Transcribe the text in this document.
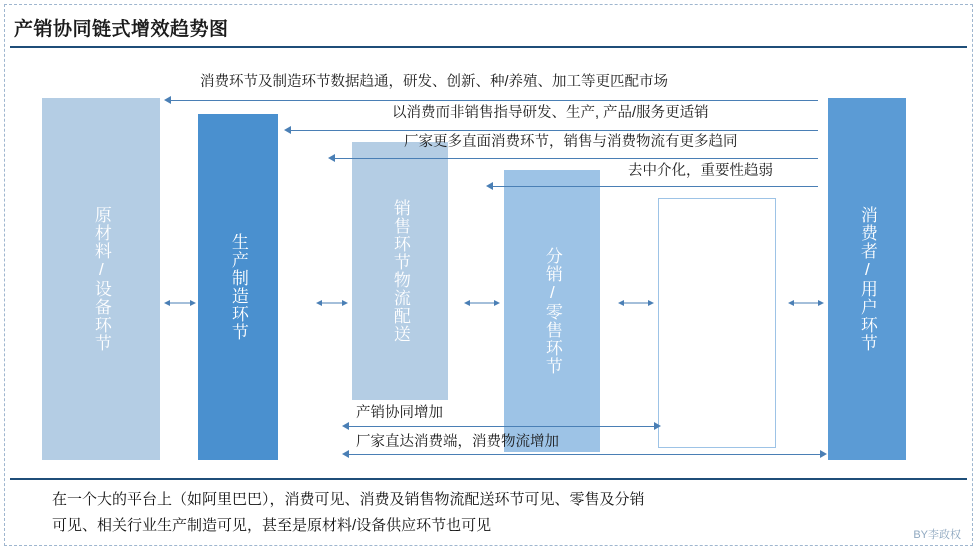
产销协同链式增效趋势图
原材料/设备环节	生产制造环节	销售环节物流配送	分销/零售环节	消费环节物流配送	消费者/用户环节
消费环节及制造环节数据趋通，研发、创新、种/养殖、加工等更匹配市场
以消费而非销售指导研发、生产, 产品/服务更适销
厂家更多直面消费环节，销售与消费物流有更多趋同
去中介化，重要性趋弱
产销协同增加
厂家直达消费端，消费物流增加
在一个大的平台上（如阿里巴巴），消费可见、消费及销售物流配送环节可见、零售及分销
可见、相关行业生产制造可见，甚至是原材料/设备供应环节也可见
BY李政权
